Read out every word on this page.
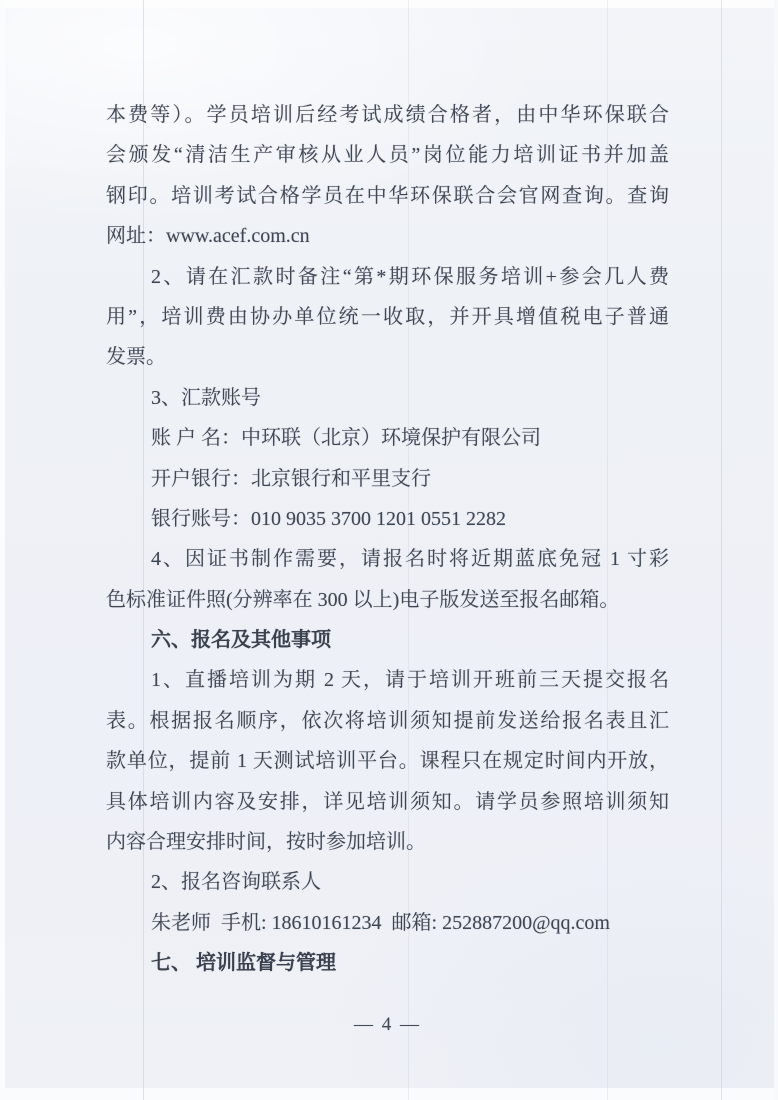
本费等）。学员培训后经考试成绩合格者，由中华环保联合
会颁发“清洁生产审核从业人员”岗位能力培训证书并加盖
钢印。培训考试合格学员在中华环保联合会官网查询。查询
网址：www.acef.com.cn
2、请在汇款时备注“第*期环保服务培训+参会几人费
用”，培训费由协办单位统一收取，并开具增值税电子普通
发票。
3、汇款账号
账 户 名：中环联（北京）环境保护有限公司
开户银行：北京银行和平里支行
银行账号：010 9035 3700 1201 0551 2282
4、因证书制作需要，请报名时将近期蓝底免冠 1 寸彩
色标准证件照(分辨率在 300 以上)电子版发送至报名邮箱。
六、报名及其他事项
1、直播培训为期 2 天，请于培训开班前三天提交报名
表。根据报名顺序，依次将培训须知提前发送给报名表且汇
款单位，提前 1 天测试培训平台。课程只在规定时间内开放，
具体培训内容及安排，详见培训须知。请学员参照培训须知
内容合理安排时间，按时参加培训。
2、报名咨询联系人
朱老师  手机: 18610161234  邮箱: 252887200@qq.com
七、 培训监督与管理
— 4 —
